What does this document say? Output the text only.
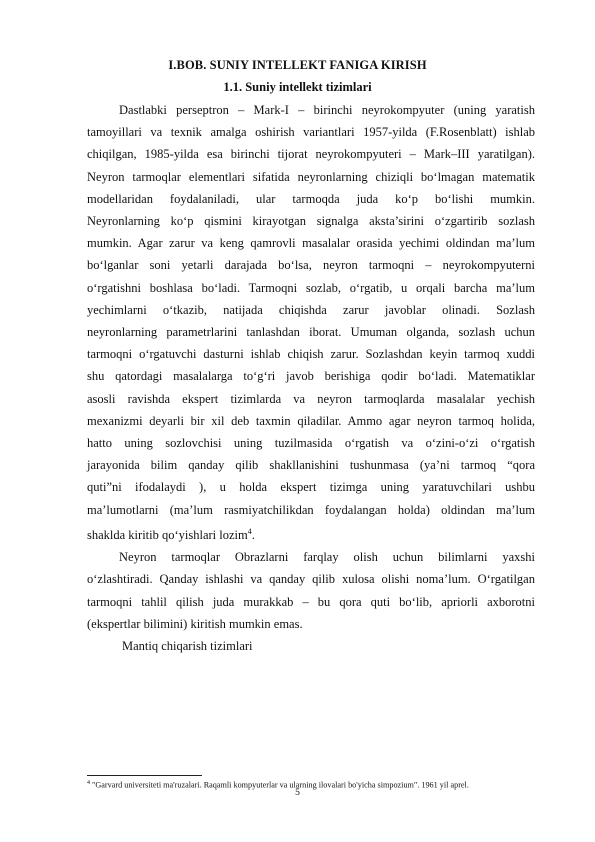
I.BOB. SUNIY INTELLEKT FANIGA KIRISH
1.1. Suniy intellekt tizimlari
Dastlabki perseptron – Mark-I – birinchi neyrokompyuter (uning yaratish
tamoyillari va texnik amalga oshirish variantlari 1957-yilda (F.Rosenblatt) ishlab
chiqilgan, 1985-yilda esa birinchi tijorat neyrokompyuteri – Mark–III yaratilgan).
Neyron tarmoqlar elementlari sifatida neyronlarning chiziqli bo‘lmagan matematik
modellaridan foydalaniladi, ular tarmoqda juda ko‘p bo‘lishi mumkin.
Neyronlarning ko‘p qismini kirayotgan signalga aksta’sirini o‘zgartirib sozlash
mumkin. Agar zarur va keng qamrovli masalalar orasida yechimi oldindan ma’lum
bo‘lganlar soni yetarli darajada bo‘lsa, neyron tarmoqni – neyrokompyuterni
o‘rgatishni boshlasa bo‘ladi. Tarmoqni sozlab, o‘rgatib, u orqali barcha ma’lum
yechimlarni o‘tkazib, natijada chiqishda zarur javoblar olinadi. Sozlash
neyronlarning parametrlarini tanlashdan iborat. Umuman olganda, sozlash uchun
tarmoqni o‘rgatuvchi dasturni ishlab chiqish zarur. Sozlashdan keyin tarmoq xuddi
shu qatordagi masalalarga to‘g‘ri javob berishiga qodir bo‘ladi. Matematiklar
asosli ravishda ekspert tizimlarda va neyron tarmoqlarda masalalar yechish
mexanizmi deyarli bir xil deb taxmin qiladilar. Ammo agar neyron tarmoq holida,
hatto uning sozlovchisi uning tuzilmasida o‘rgatish va o‘zini-o‘zi o‘rgatish
jarayonida bilim qanday qilib shakllanishini tushunmasa (ya’ni tarmoq “qora
quti”ni ifodalaydi ), u holda ekspert tizimga uning yaratuvchilari ushbu
ma’lumotlarni (ma’lum rasmiyatchilikdan foydalangan holda) oldindan ma’lum
shaklda kiritib qo‘yishlari lozim$^4$.
Neyron tarmoqlar Obrazlarni farqlay olish uchun bilimlarni yaxshi
o‘zlashtiradi. Qanday ishlashi va qanday qilib xulosa olishi noma’lum. O‘rgatilgan
tarmoqni tahlil qilish juda murakkab – bu qora quti bo‘lib, apriorli axborotni
(ekspertlar bilimini) kiritish mumkin emas.
Mantiq chiqarish tizimlari
$^4$ "Garvard universiteti ma'ruzalari. Raqamli kompyuterlar va ularning ilovalari bo'yicha simpozium". 1961 yil aprel.
5
